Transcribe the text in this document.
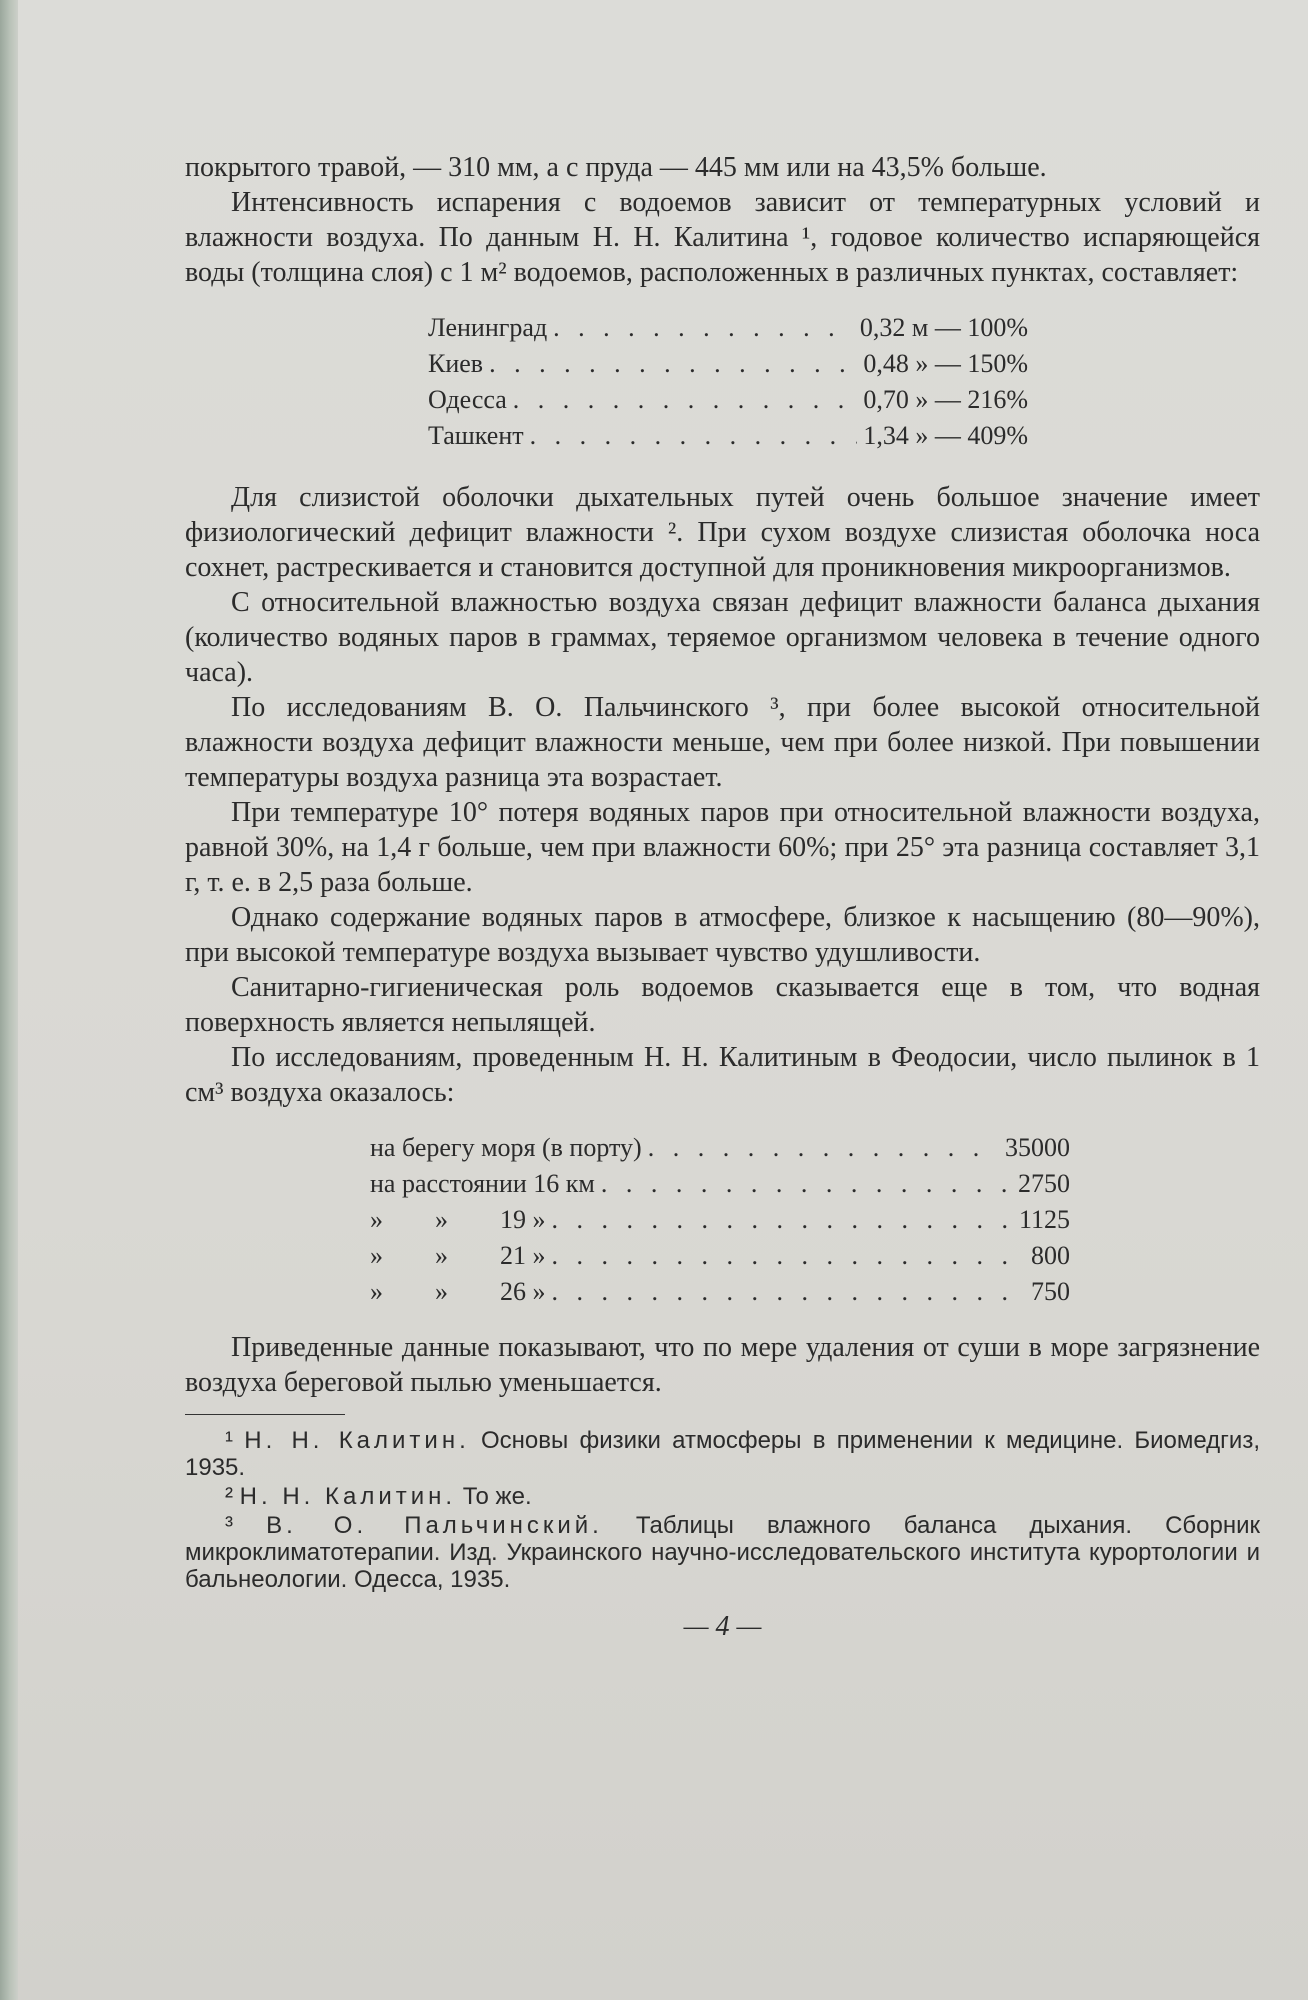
покрытого травой, — 310 мм, а с пруда — 445 мм или на 43,5% больше.

Интенсивность испарения с водоемов зависит от температурных условий и влажности воздуха. По данным Н. Н. Калитина ¹, годовое количество испаряющейся воды (толщина слоя) с 1 м² водоемов, расположенных в различных пунктах, составляет:

Ленинград . . .	0,32 м — 100%
Киев . . .	0,48 » — 150%
Одесса . . .	0,70 » — 216%
Ташкент . . .	1,34 » — 409%

Для слизистой оболочки дыхательных путей очень большое значение имеет физиологический дефицит влажности ². При сухом воздухе слизистая оболочка носа сохнет, растрескивается и становится доступной для проникновения микроорганизмов.

С относительной влажностью воздуха связан дефицит влажности баланса дыхания (количество водяных паров в граммах, теряемое организмом человека в течение одного часа).

По исследованиям В. О. Пальчинского ³, при более высокой относительной влажности воздуха дефицит влажности меньше, чем при более низкой. При повышении температуры воздуха разница эта возрастает.

При температуре 10° потеря водяных паров при относительной влажности воздуха, равной 30%, на 1,4 г больше, чем при влажности 60%; при 25° эта разница составляет 3,1 г, т. е. в 2,5 раза больше.

Однако содержание водяных паров в атмосфере, близкое к насыщению (80—90%), при высокой температуре воздуха вызывает чувство удушливости.

Санитарно-гигиеническая роль водоемов сказывается еще в том, что водная поверхность является непылящей.

По исследованиям, проведенным Н. Н. Калитиным в Феодосии, число пылинок в 1 см³ воздуха оказалось:

на берегу моря (в порту) . . .	35000
на расстоянии 16 км . . .	2750
»        »        19 » . . .	1125
»        »        21 » . . .	800
»        »        26 » . . .	750

Приведенные данные показывают, что по мере удаления от суши в море загрязнение воздуха береговой пылью уменьшается.

¹ Н. Н. Калитин. Основы физики атмосферы в применении к медицине. Биомедгиз, 1935.

² Н. Н. Калитин. То же.

³ В. О. Пальчинский. Таблицы влажного баланса дыхания. Сборник микроклиматотерапии. Изд. Украинского научно-исследовательского института курортологии и бальнеологии. Одесса, 1935.

— 4 —
